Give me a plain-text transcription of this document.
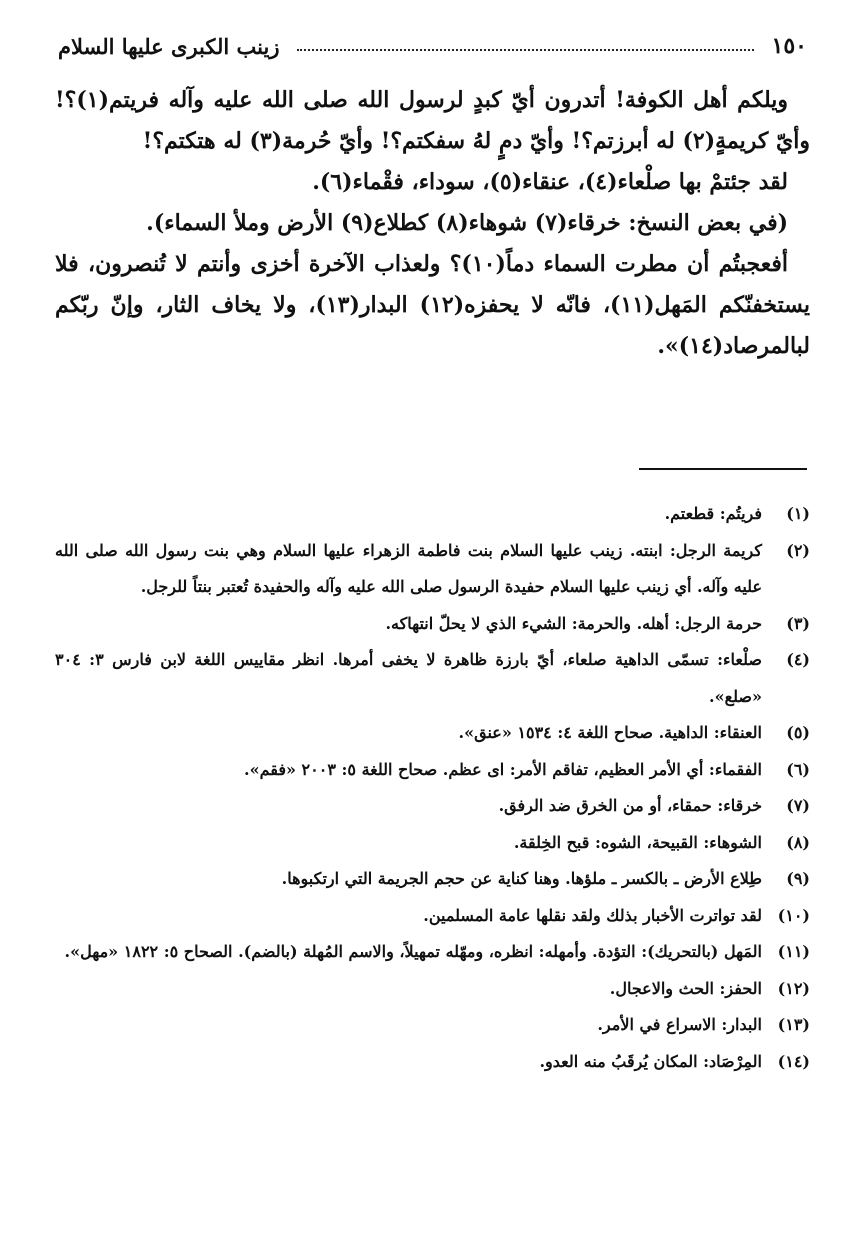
١٥٠
زينب الكبرى عليها السلام

ويلكم أهل الكوفة! أتدرون أيّ كبدٍ لرسول الله صلى الله عليه وآله فريتم(١)؟! وأيّ كريمةٍ(٢) له أبرزتم؟! وأيّ دمٍ لهُ سفكتم؟! وأيّ حُرمة(٣) له هتكتم؟!

لقد جئتمْ بها صلْعاء(٤)، عنقاء(٥)، سوداء، فقْماء(٦).

(في بعض النسخ: خرقاء(٧) شوهاء(٨) كطلاع(٩) الأرض وملأ السماء).

أفعجبتُم أن مطرت السماء دماً(١٠)؟ ولعذاب الآخرة أخزى وأنتم لا تُنصرون، فلا يستخفنّكم المَهل(١١)، فانّه لا يحفزه(١٢) البدار(١٣)، ولا يخاف الثار، وإنّ ربّكم لبالمرصاد(١٤)».

(١)
فريتُم: قطعتم.
(٢)
كريمة الرجل: ابنته. زينب عليها السلام بنت فاطمة الزهراء عليها السلام وهي بنت رسول الله صلى الله عليه وآله. أي زينب عليها السلام حفيدة الرسول صلى الله عليه وآله والحفيدة تُعتبر بنتاً للرجل.
(٣)
حرمة الرجل: أهله. والحرمة: الشيء الذي لا يحلّ انتهاكه.
(٤)
صلْعاء: تسمّى الداهية صلعاء، أيّ بارزة ظاهرة لا يخفى أمرها. انظر مقاييس اللغة لابن فارس ٣: ٣٠٤ «صلع».
(٥)
العنقاء: الداهية. صحاح اللغة ٤: ١٥٣٤ «عنق».
(٦)
الفقماء: أي الأمر العظيم، تفاقم الأمر: اى عظم. صحاح اللغة ٥: ٢٠٠٣ «فقم».
(٧)
خرقاء: حمقاء، أو من الخرق ضد الرفق.
(٨)
الشوهاء: القبيحة، الشوه: قبح الخِلقة.
(٩)
طِلاع الأرض ـ بالكسر ـ ملؤها. وهنا كناية عن حجم الجريمة التي ارتكبوها.
(١٠)
لقد تواترت الأخبار بذلك ولقد نقلها عامة المسلمين.
(١١)
المَهل (بالتحريك): التؤدة. وأمهله: انظره، ومهّله تمهيلاً، والاسم المُهلة (بالضم). الصحاح ٥: ١٨٢٢ «مهل».
(١٢)
الحفز: الحث والاعجال.
(١٣)
البدار: الاسراع في الأمر.
(١٤)
المِرْصَاد: المكان يُرقَبُ منه العدو.
